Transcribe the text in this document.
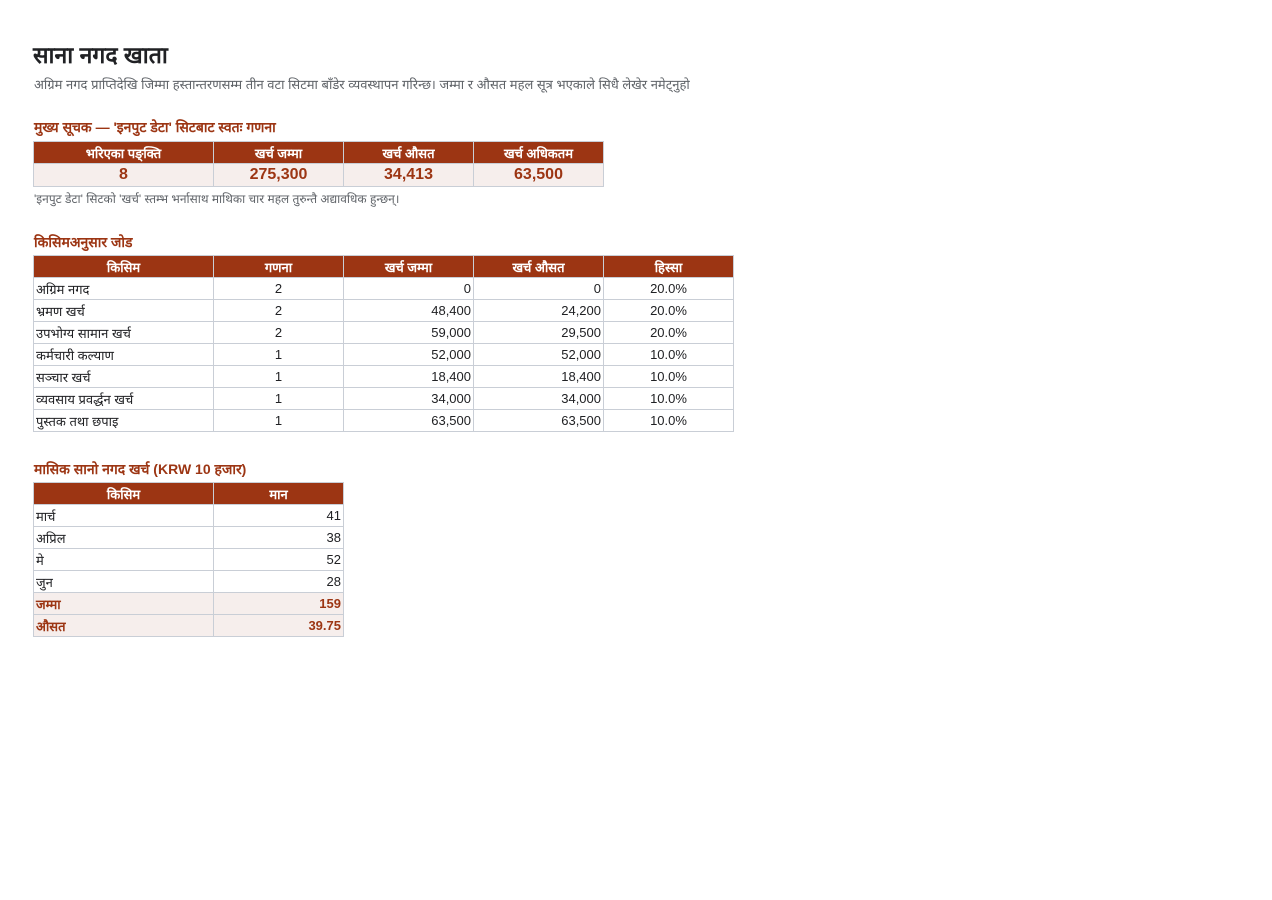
साना नगद खाता
अग्रिम नगद प्राप्तिदेखि जिम्मा हस्तान्तरणसम्म तीन वटा सिटमा बाँडेर व्यवस्थापन गरिन्छ। जम्मा र औसत महल सूत्र भएकाले सिधै लेखेर नमेट्नुहो
मुख्य सूचक — 'इनपुट डेटा' सिटबाट स्वतः गणना
भरिएका पङ्क्ति	खर्च जम्मा	खर्च औसत	खर्च अधिकतम
8	275,300	34,413	63,500
'इनपुट डेटा' सिटको 'खर्च' स्तम्भ भर्नासाथ माथिका चार महल तुरुन्तै अद्यावधिक हुन्छन्।
किसिमअनुसार जोड
किसिम	गणना	खर्च जम्मा	खर्च औसत	हिस्सा
अग्रिम नगद	2	0	0	20.0%
भ्रमण खर्च	2	48,400	24,200	20.0%
उपभोग्य सामान खर्च	2	59,000	29,500	20.0%
कर्मचारी कल्याण	1	52,000	52,000	10.0%
सञ्चार खर्च	1	18,400	18,400	10.0%
व्यवसाय प्रवर्द्धन खर्च	1	34,000	34,000	10.0%
पुस्तक तथा छपाइ	1	63,500	63,500	10.0%
मासिक सानो नगद खर्च (KRW 10 हजार)
किसिम	मान
मार्च	41
अप्रिल	38
मे	52
जुन	28
जम्मा	159
औसत	39.75
